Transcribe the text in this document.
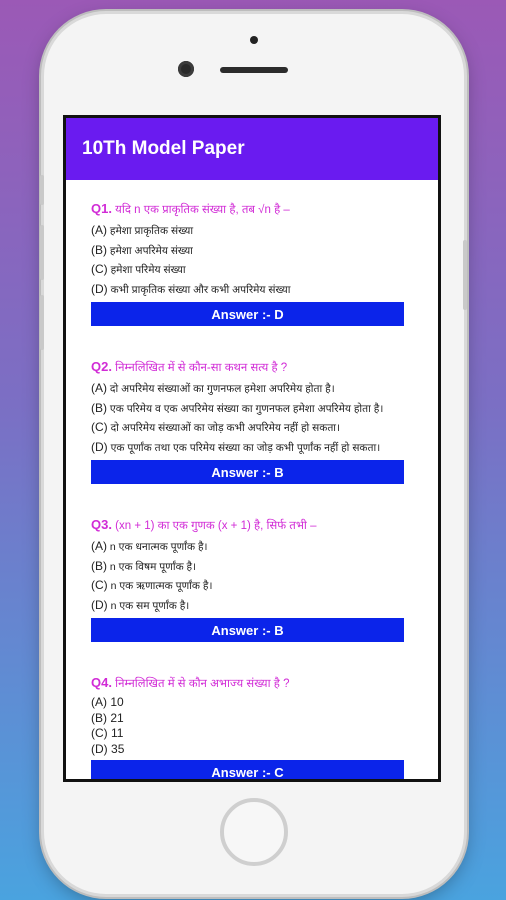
10Th Model Paper
Q1. यदि n एक प्राकृतिक संख्या है, तब √n है –
(A) हमेशा प्राकृतिक संख्या
(B) हमेशा अपरिमेय संख्या
(C) हमेशा परिमेय संख्या
(D) कभी प्राकृतिक संख्या और कभी अपरिमेय संख्या
Answer :- D
Q2. निम्नलिखित में से कौन-सा कथन सत्य है ?
(A) दो अपरिमेय संख्याओं का गुणनफल हमेशा अपरिमेय होता है।
(B) एक परिमेय व एक अपरिमेय संख्या का गुणनफल हमेशा अपरिमेय होता है।
(C) दो अपरिमेय संख्याओं का जोड़ कभी अपरिमेय नहीं हो सकता।
(D) एक पूर्णांक तथा एक परिमेय संख्या का जोड़ कभी पूर्णांक नहीं हो सकता।
Answer :- B
Q3. (xn + 1) का एक गुणक (x + 1) है, सिर्फ तभी –
(A) n एक धनात्मक पूर्णांक है।
(B) n एक विषम पूर्णांक है।
(C) n एक ऋणात्मक पूर्णांक है।
(D) n एक सम पूर्णांक है।
Answer :- B
Q4. निम्नलिखित में से कौन अभाज्य संख्या है ?
(A) 10
(B) 21
(C) 11
(D) 35
Answer :- C
